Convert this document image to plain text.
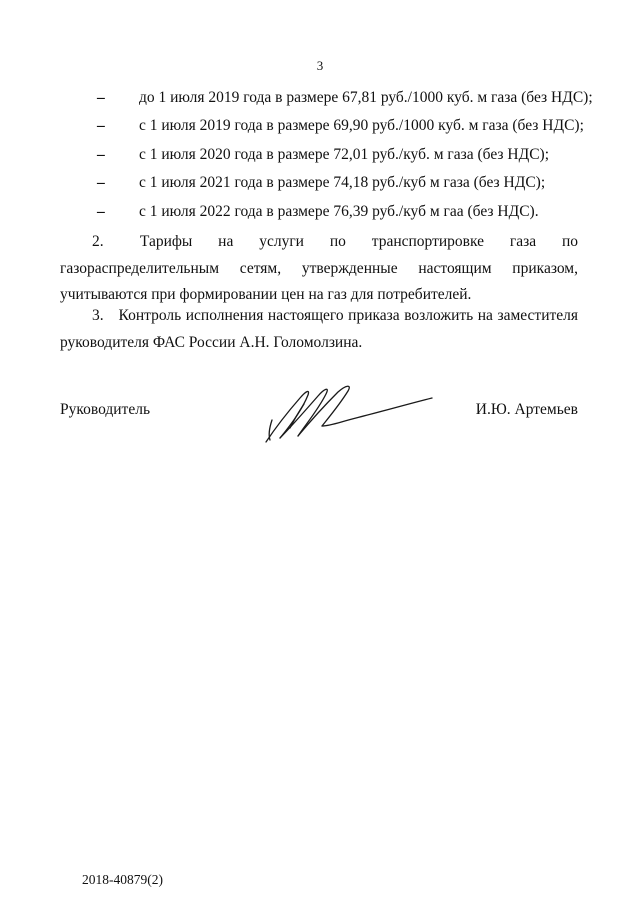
3
– до 1 июля 2019 года в размере 67,81 руб./1000 куб. м газа (без НДС);
– с 1 июля 2019 года в размере 69,90 руб./1000 куб. м газа (без НДС);
– с 1 июля 2020 года в размере 72,01 руб./куб. м газа (без НДС);
– с 1 июля 2021 года в размере 74,18 руб./куб м газа (без НДС);
– с 1 июля 2022 года в размере 76,39 руб./куб м гаа (без НДС).

2. Тарифы на услуги по транспортировке газа по газораспределительным сетям, утвержденные настоящим приказом, учитываются при формировании цен на газ для потребителей.

3. Контроль исполнения настоящего приказа возложить на заместителя руководителя ФАС России А.Н. Голомолзина.

Руководитель	И.Ю. Артемьев
2018-40879(2)
